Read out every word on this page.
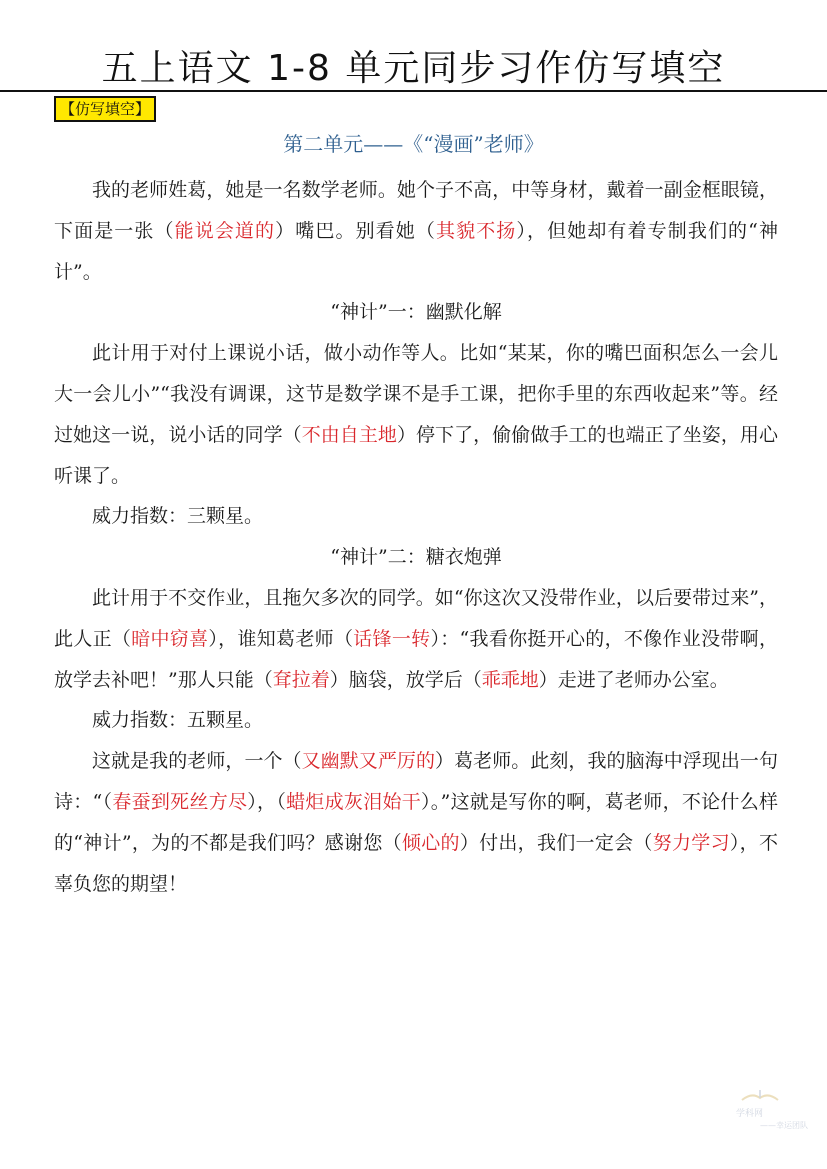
五上语文 1-8 单元同步习作仿写填空
【仿写填空】
第二单元——《“漫画”老师》

我的老师姓葛，她是一名数学老师。她个子不高，中等身材，戴着一副金框眼镜，下面是一张（能说会道的）嘴巴。别看她（其貌不扬），但她却有着专制我们的“神计”。

“神计”一：幽默化解

此计用于对付上课说小话，做小动作等人。比如“某某，你的嘴巴面积怎么一会儿大一会儿小”“我没有调课，这节是数学课不是手工课，把你手里的东西收起来”等。经过她这一说，说小话的同学（不由自主地）停下了，偷偷做手工的也端正了坐姿，用心听课了。

威力指数：三颗星。

“神计”二：糖衣炮弹

此计用于不交作业，且拖欠多次的同学。如“你这次又没带作业，以后要带过来”，此人正（暗中窃喜），谁知葛老师（话锋一转）：“我看你挺开心的，不像作业没带啊，放学去补吧！”那人只能（耷拉着）脑袋，放学后（乖乖地）走进了老师办公室。

威力指数：五颗星。

这就是我的老师，一个（又幽默又严厉的）葛老师。此刻，我的脑海中浮现出一句诗：“（春蚕到死丝方尽），（蜡炬成灰泪始干）。”这就是写你的啊，葛老师，不论什么样的“神计”，为的不都是我们吗？感谢您（倾心的）付出，我们一定会（努力学习），不辜负您的期望！

学科网
——幸运团队
